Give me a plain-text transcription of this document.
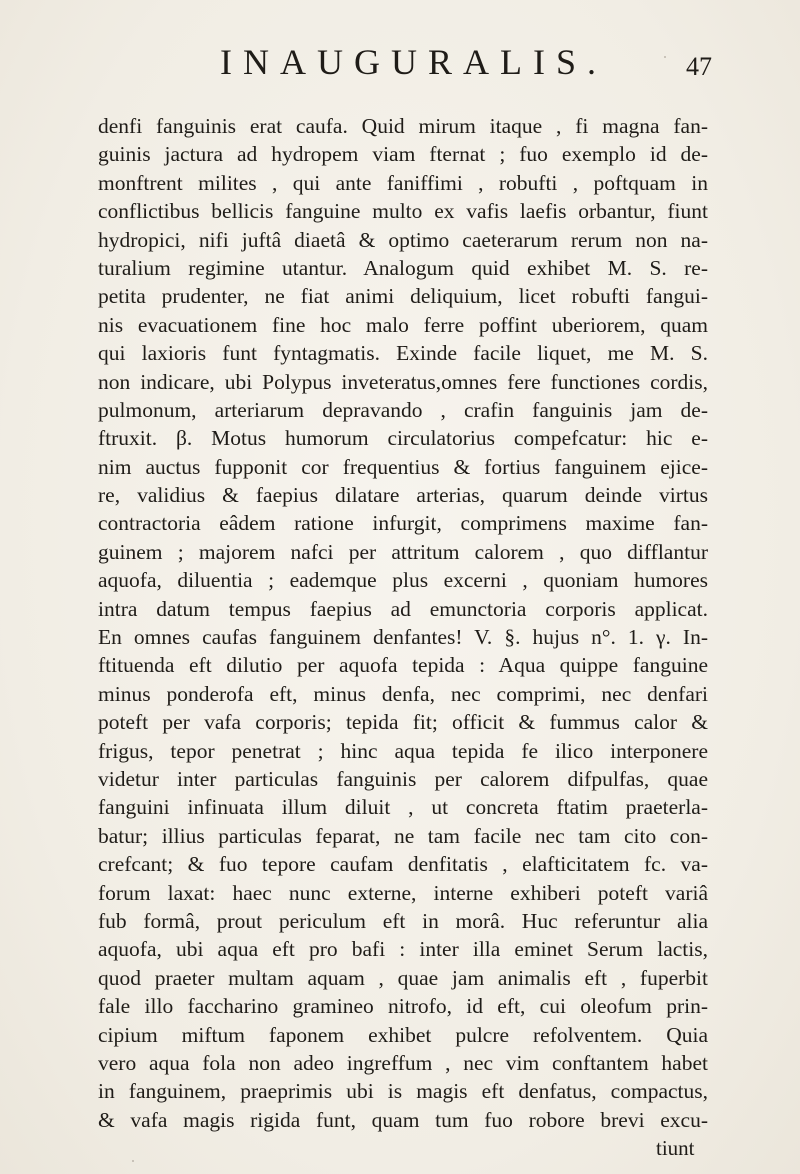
INAUGURALIS.	47
denfi fanguinis erat caufa. Quid mirum itaque , fi magna fan-
guinis jactura ad hydropem viam fternat ; fuo exemplo id de-
monftrent milites , qui ante faniffimi , robufti , poftquam in
conflictibus bellicis fanguine multo ex vafis laefis orbantur, fiunt
hydropici, nifi juftâ diaetâ & optimo caeterarum rerum non na-
turalium regimine utantur. Analogum quid exhibet M. S. re-
petita prudenter, ne fiat animi deliquium, licet robufti fangui-
nis evacuationem fine hoc malo ferre poffint uberiorem, quam
qui laxioris funt fyntagmatis. Exinde facile liquet, me M. S.
non indicare, ubi Polypus inveteratus,omnes fere functiones cordis,
pulmonum, arteriarum depravando , crafin fanguinis jam de-
ftruxit. β. Motus humorum circulatorius compefcatur: hic e-
nim auctus fupponit cor frequentius & fortius fanguinem ejice-
re, validius & faepius dilatare arterias, quarum deinde virtus
contractoria eâdem ratione infurgit, comprimens maxime fan-
guinem ; majorem nafci per attritum calorem , quo difflantur
aquofa, diluentia ; eademque plus excerni , quoniam humores
intra datum tempus faepius ad emunctoria corporis applicat.
En omnes caufas fanguinem denfantes! V. §. hujus n°. 1. γ. In-
ftituenda eft dilutio per aquofa tepida : Aqua quippe fanguine
minus ponderofa eft, minus denfa, nec comprimi, nec denfari
poteft per vafa corporis; tepida fit; officit & fummus calor &
frigus, tepor penetrat ; hinc aqua tepida fe ilico interponere
videtur inter particulas fanguinis per calorem difpulfas, quae
fanguini infinuata illum diluit , ut concreta ftatim praeterla-
batur; illius particulas feparat, ne tam facile nec tam cito con-
crefcant; & fuo tepore caufam denfitatis , elafticitatem fc. va-
forum laxat: haec nunc externe, interne exhiberi poteft variâ
fub formâ, prout periculum eft in morâ. Huc referuntur alia
aquofa, ubi aqua eft pro bafi : inter illa eminet Serum lactis,
quod praeter multam aquam , quae jam animalis eft , fuperbit
fale illo faccharino gramineo nitrofo, id eft, cui oleofum prin-
cipium miftum faponem exhibet pulcre refolventem. Quia
vero aqua fola non adeo ingreffum , nec vim conftantem habet
in fanguinem, praeprimis ubi is magis eft denfatus, compactus,
& vafa magis rigida funt, quam tum fuo robore brevi excu-
tiunt
